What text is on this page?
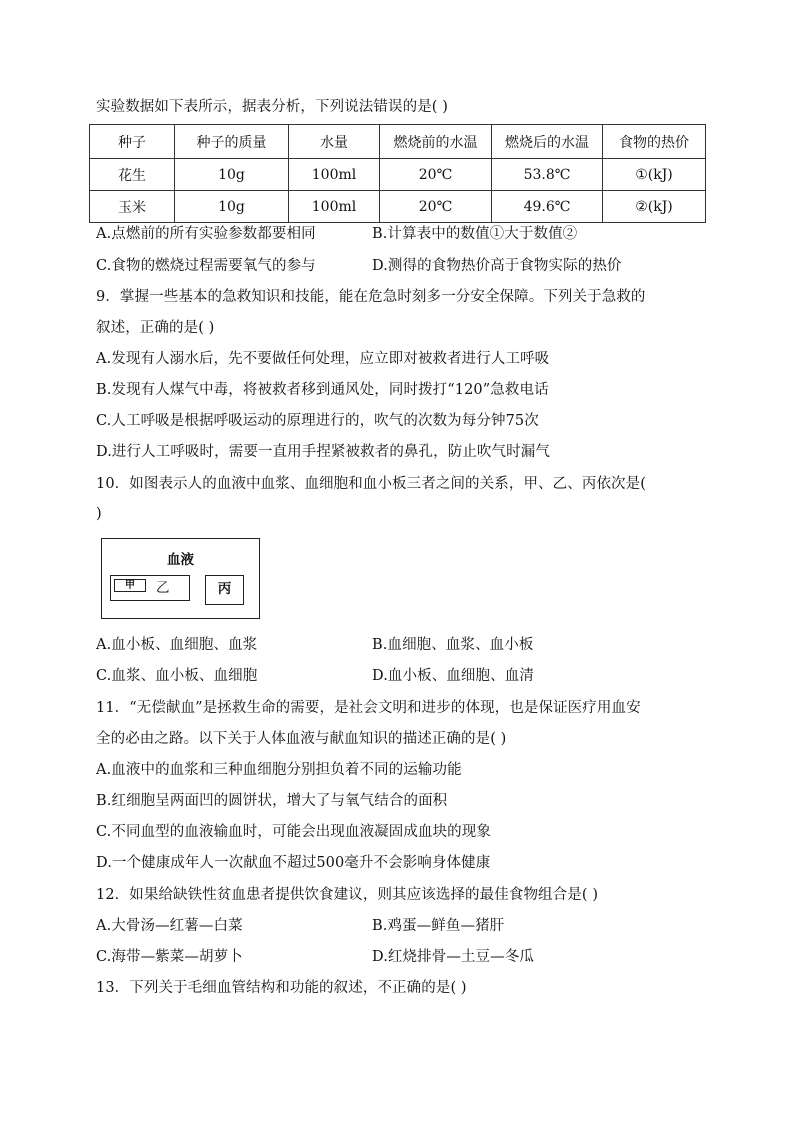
实验数据如下表所示，据表分析，下列说法错误的是( )
种子	种子的质量	水量	燃烧前的水温	燃烧后的水温	食物的热价
花生	10g	100ml	20℃	53.8℃	①(kJ)
玉米	10g	100ml	20℃	49.6℃	②(kJ)
A.点燃前的所有实验参数都要相同	B.计算表中的数值①大于数值②
C.食物的燃烧过程需要氧气的参与	D.测得的食物热价高于食物实际的热价
9．掌握一些基本的急救知识和技能，能在危急时刻多一分安全保障。下列关于急救的
叙述，正确的是( )
A.发现有人溺水后，先不要做任何处理，应立即对被救者进行人工呼吸
B.发现有人煤气中毒，将被救者移到通风处，同时拨打“120”急救电话
C.人工呼吸是根据呼吸运动的原理进行的，吹气的次数为每分钟75次
D.进行人工呼吸时，需要一直用手捏紧被救者的鼻孔，防止吹气时漏气
10．如图表示人的血液中血浆、血细胞和血小板三者之间的关系，甲、乙、丙依次是(
)
血液
甲	乙	丙
A.血小板、血细胞、血浆	B.血细胞、血浆、血小板
C.血浆、血小板、血细胞	D.血小板、血细胞、血清
11．“无偿献血”是拯救生命的需要，是社会文明和进步的体现，也是保证医疗用血安
全的必由之路。以下关于人体血液与献血知识的描述正确的是( )
A.血液中的血浆和三种血细胞分别担负着不同的运输功能
B.红细胞呈两面凹的圆饼状，增大了与氧气结合的面积
C.不同血型的血液输血时，可能会出现血液凝固成血块的现象
D.一个健康成年人一次献血不超过500毫升不会影响身体健康
12．如果给缺铁性贫血患者提供饮食建议，则其应该选择的最佳食物组合是( )
A.大骨汤—红薯—白菜	B.鸡蛋—鲜鱼—猪肝
C.海带—紫菜—胡萝卜	D.红烧排骨—土豆—冬瓜
13．下列关于毛细血管结构和功能的叙述，不正确的是( )
